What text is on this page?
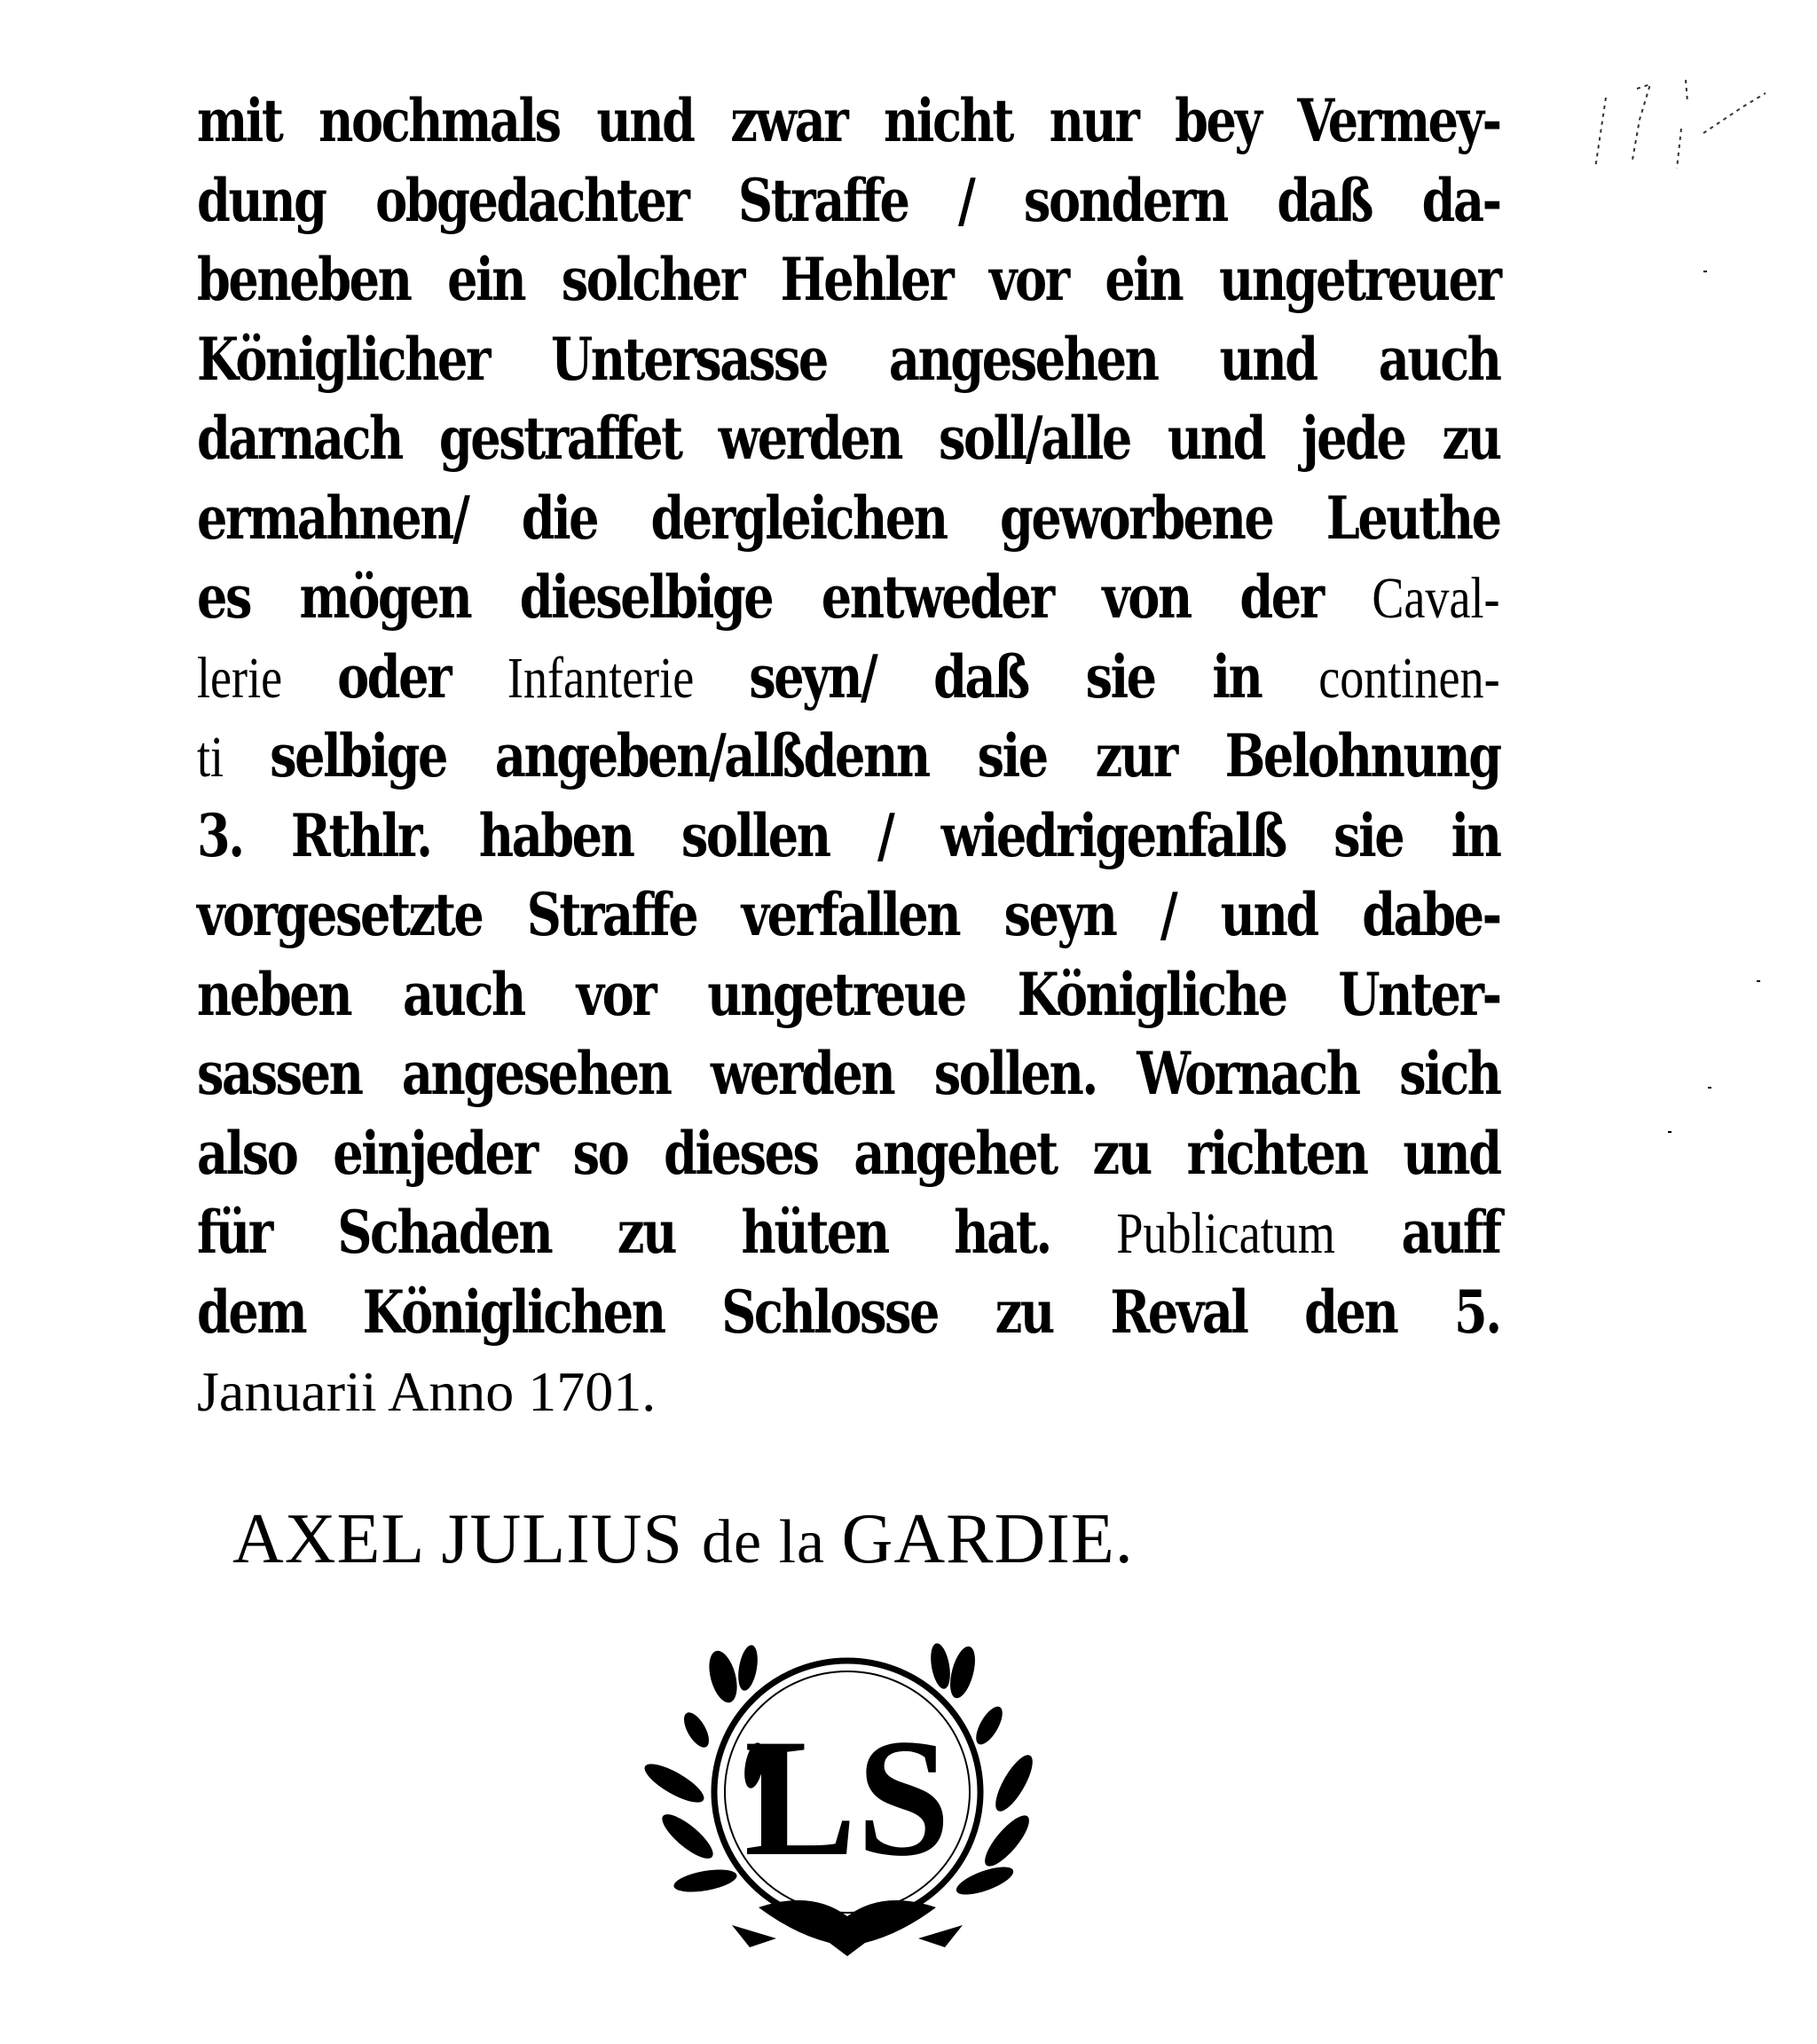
mit nochmals und zwar nicht nur bey Vermey-
dung obgedachter Straffe / sondern daß da-
beneben ein solcher Hehler vor ein ungetreuer
Königlicher Untersasse angesehen und auch
darnach gestraffet werden soll/alle und jede zu
ermahnen/ die dergleichen geworbene Leuthe
es mögen dieselbige entweder von der Caval-
lerie oder Infanterie seyn/ daß sie in continen-
ti selbige angeben/alßdenn sie zur Belohnung
3. Rthlr. haben sollen / wiedrigenfalß sie in
vorgesetzte Straffe verfallen seyn / und dabe-
neben auch vor ungetreue Königliche Unter-
sassen angesehen werden sollen. Wornach sich
also einjeder so dieses angehet zu richten und
für Schaden zu hüten hat. Publicatum auff
dem Königlichen Schlosse zu Reval den 5.
Januarii Anno 1701.
AXEL JULIUS de la GARDIE.
LS
